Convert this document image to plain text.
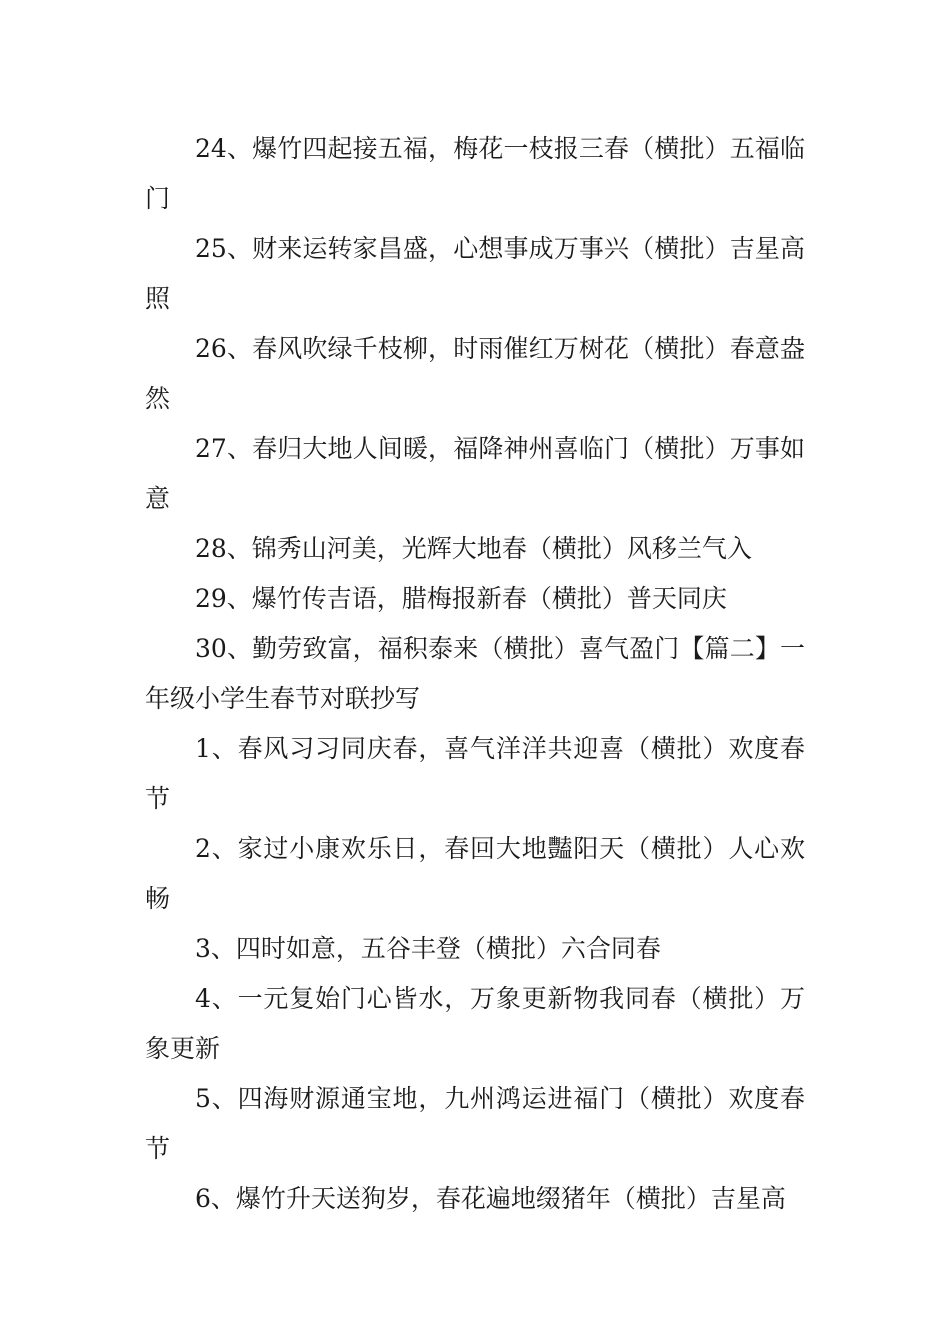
24、爆竹四起接五福，梅花一枝报三春（横批）五福临门

25、财来运转家昌盛，心想事成万事兴（横批）吉星高照

26、春风吹绿千枝柳，时雨催红万树花（横批）春意盎然

27、春归大地人间暖，福降神州喜临门（横批）万事如意

28、锦秀山河美，光辉大地春（横批）风移兰气入

29、爆竹传吉语，腊梅报新春（横批）普天同庆

30、勤劳致富，福积泰来（横批）喜气盈门【篇二】一年级小学生春节对联抄写

1、春风习习同庆春，喜气洋洋共迎喜（横批）欢度春节

2、家过小康欢乐日，春回大地豔阳天（横批）人心欢畅

3、四时如意，五谷丰登（横批）六合同春

4、一元复始门心皆水，万象更新物我同春（横批）万象更新

5、四海财源通宝地，九州鸿运进福门（横批）欢度春节

6、爆竹升天送狗岁，春花遍地缀猪年（横批）吉星高
